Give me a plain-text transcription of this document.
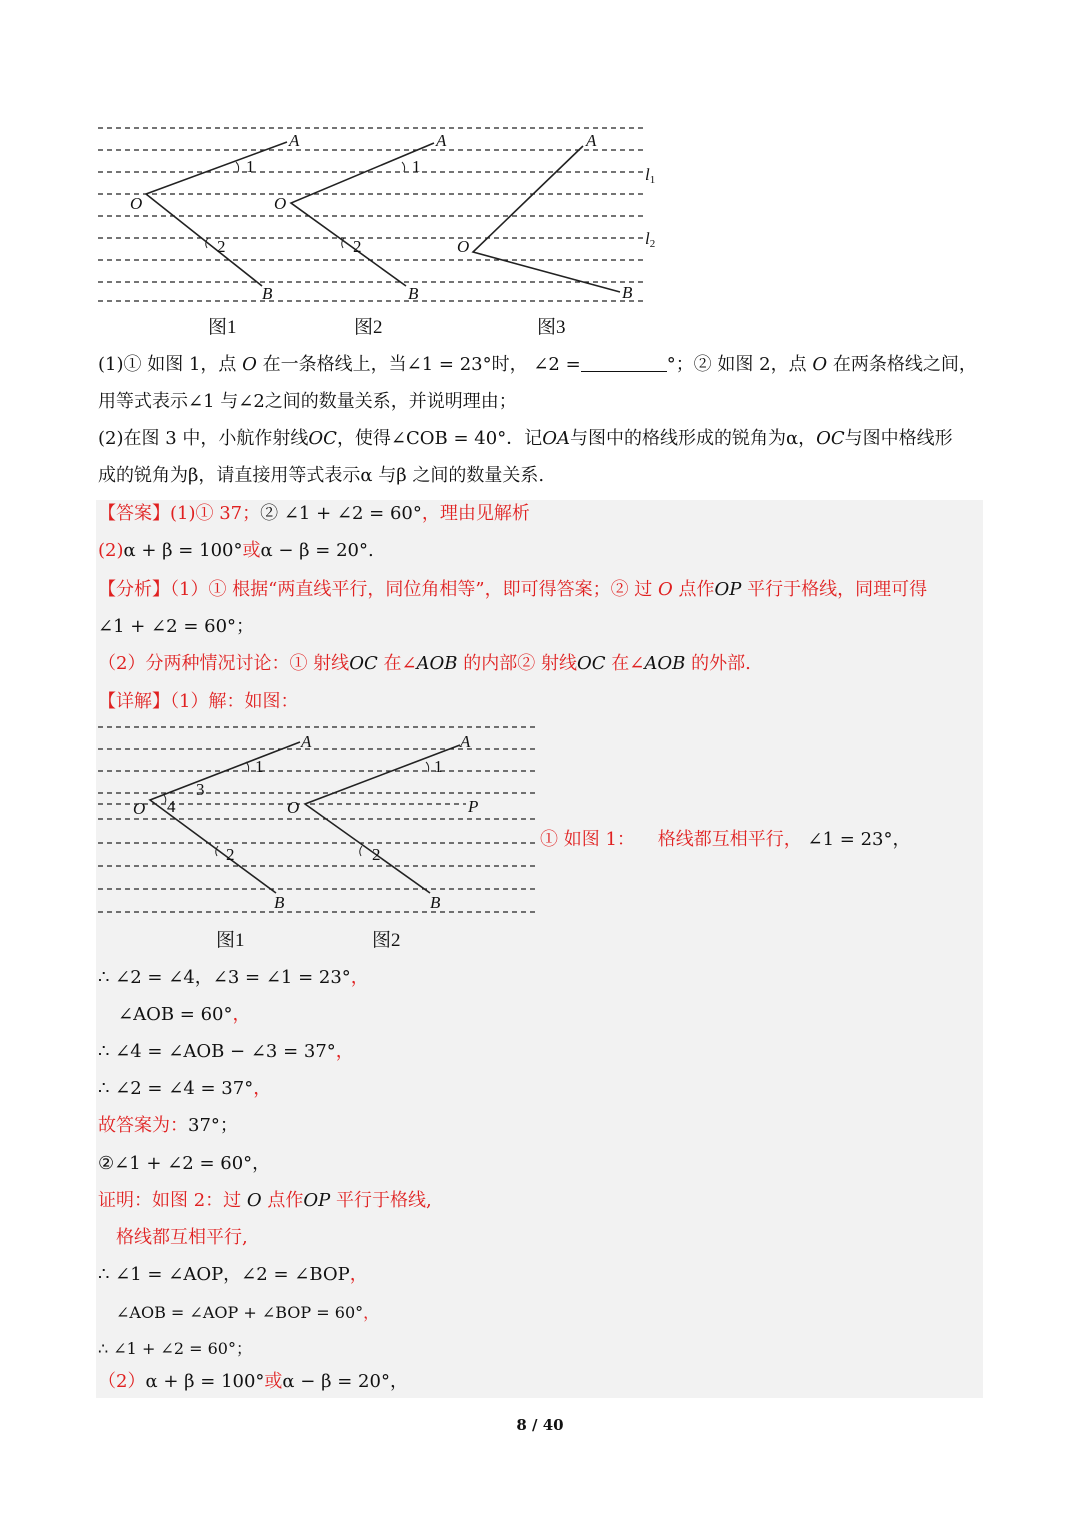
A
O
B
A
O
B
A
O
B
l1
l2
1
2
1
2
图1	图2	图3
(1)① 如图 1，点 O 在一条格线上，当∠1 = 23°时， ∠2 =	°；② 如图 2，点 O 在两条格线之间，
用等式表示∠1 与∠2之间的数量关系，并说明理由；
(2)在图 3 中，小航作射线OC，使得∠COB = 40°．记OA与图中的格线形成的锐角为α，OC与图中格线形
成的锐角为β，请直接用等式表示α 与β 之间的数量关系.
【答案】(1)① 37；② ∠1 + ∠2 = 60°，理由见解析
(2)α + β = 100°或α − β = 20°.
【分析】（1）① 根据“两直线平行，同位角相等”，即可得答案；② 过 O 点作OP 平行于格线，同理可得
∠1 + ∠2 = 60°；
（2）分两种情况讨论：① 射线OC 在∠AOB 的内部② 射线OC 在∠AOB 的外部.
【详解】（1）解：如图：
A
O
B
A
O	P
B
1
3
4
2
1
2
图1	图2
① 如图 1： 格线都互相平行， ∠1 = 23°，
∴ ∠2 = ∠4，∠3 = ∠1 = 23°，
∠AOB = 60°，
∴ ∠4 = ∠AOB − ∠3 = 37°，
∴ ∠2 = ∠4 = 37°，
故答案为：37°；
②∠1 + ∠2 = 60°，
证明：如图 2：过 O 点作OP 平行于格线,
格线都互相平行,
∴ ∠1 = ∠AOP，∠2 = ∠BOP，
∠AOB = ∠AOP + ∠BOP = 60°，
∴ ∠1 + ∠2 = 60°；
（2）α + β = 100°或α − β = 20°，
8 / 40
